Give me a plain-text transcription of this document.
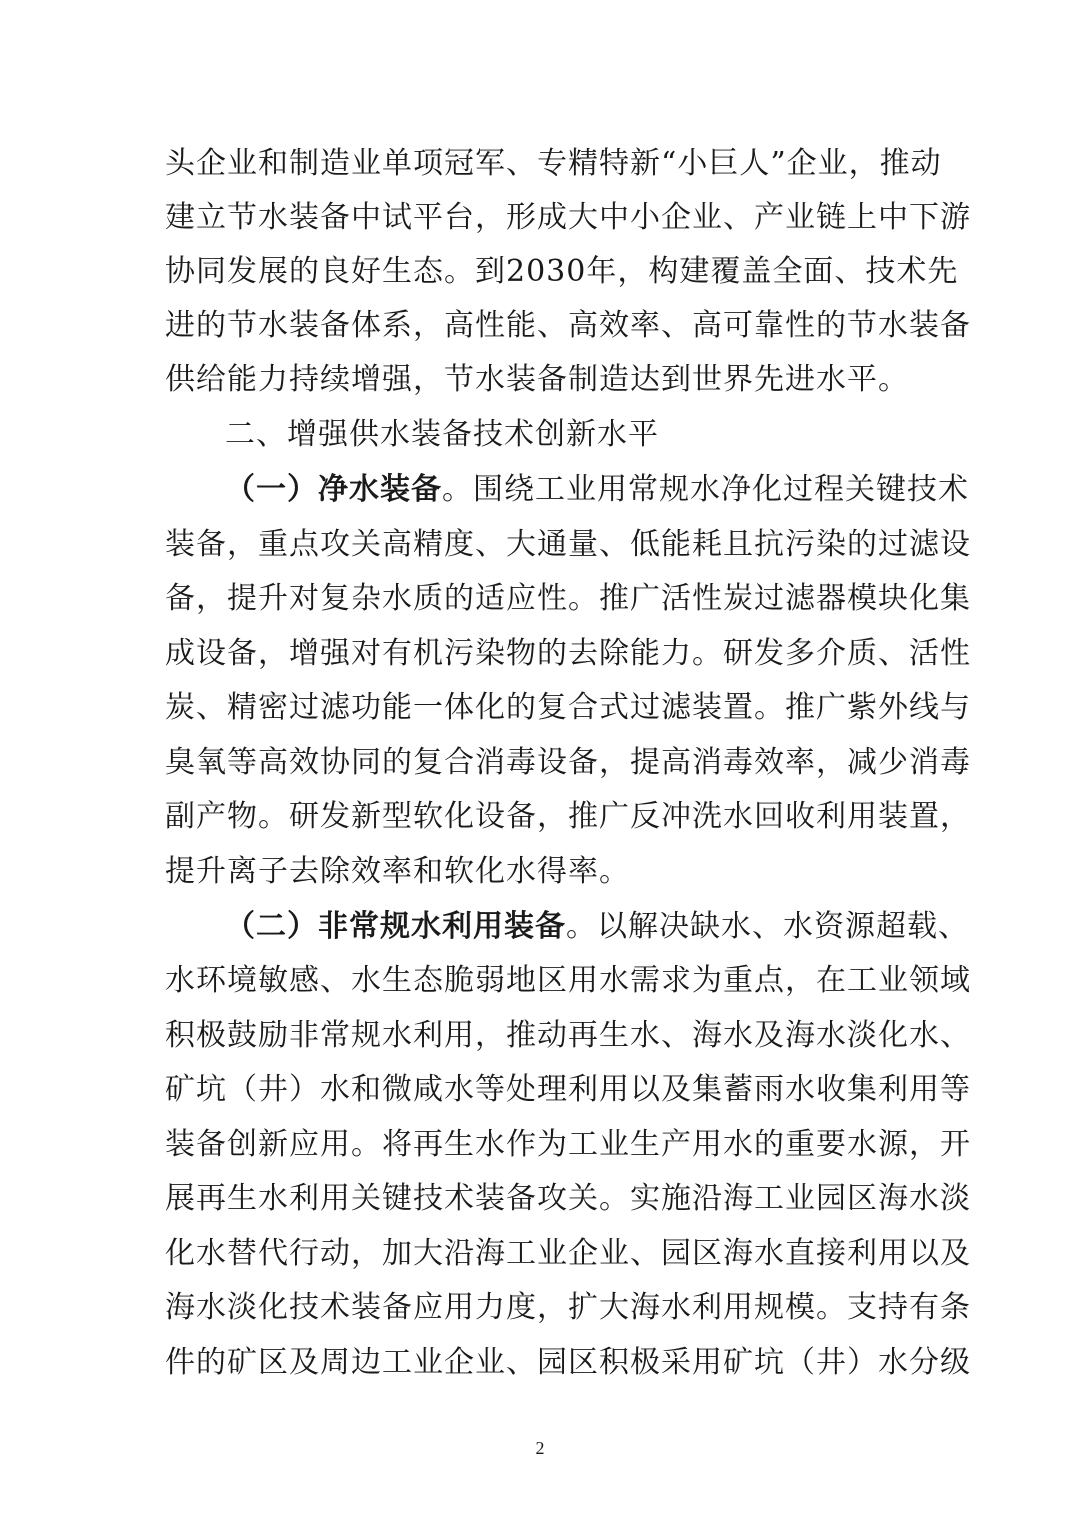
头企业和制造业单项冠军、专精特新“小巨人”企业，推动
建立节水装备中试平台，形成大中小企业、产业链上中下游
协同发展的良好生态。到2030年，构建覆盖全面、技术先
进的节水装备体系，高性能、高效率、高可靠性的节水装备
供给能力持续增强，节水装备制造达到世界先进水平。
二、增强供水装备技术创新水平
（一）净水装备。围绕工业用常规水净化过程关键技术
装备，重点攻关高精度、大通量、低能耗且抗污染的过滤设
备，提升对复杂水质的适应性。推广活性炭过滤器模块化集
成设备，增强对有机污染物的去除能力。研发多介质、活性
炭、精密过滤功能一体化的复合式过滤装置。推广紫外线与
臭氧等高效协同的复合消毒设备，提高消毒效率，减少消毒
副产物。研发新型软化设备，推广反冲洗水回收利用装置，
提升离子去除效率和软化水得率。
（二）非常规水利用装备。以解决缺水、水资源超载、
水环境敏感、水生态脆弱地区用水需求为重点，在工业领域
积极鼓励非常规水利用，推动再生水、海水及海水淡化水、
矿坑（井）水和微咸水等处理利用以及集蓄雨水收集利用等
装备创新应用。将再生水作为工业生产用水的重要水源，开
展再生水利用关键技术装备攻关。实施沿海工业园区海水淡
化水替代行动，加大沿海工业企业、园区海水直接利用以及
海水淡化技术装备应用力度，扩大海水利用规模。支持有条
件的矿区及周边工业企业、园区积极采用矿坑（井）水分级
2
